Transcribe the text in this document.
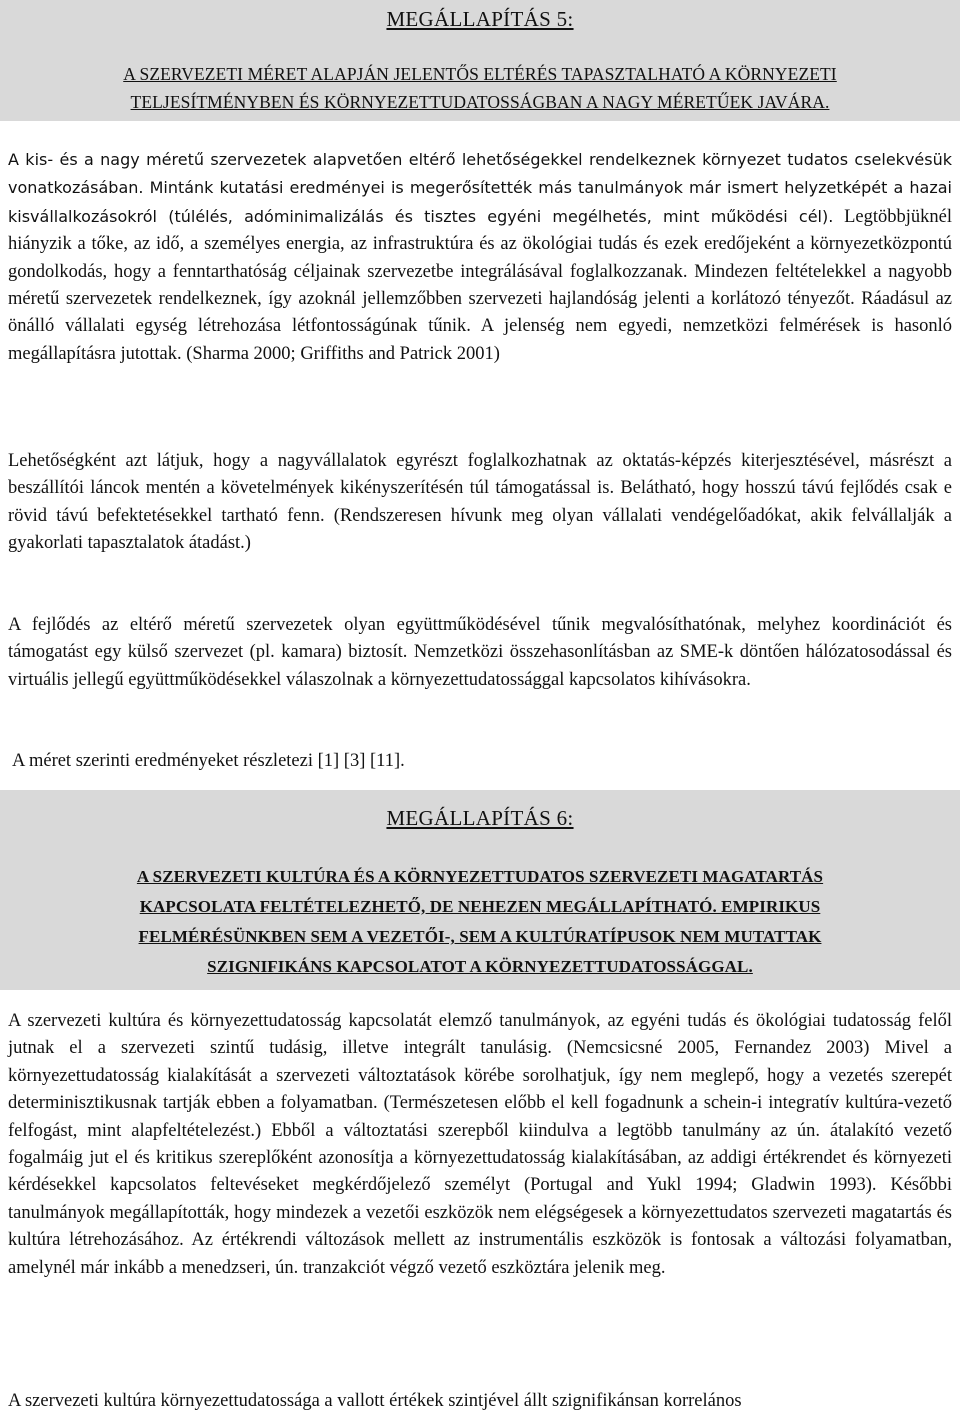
MEGÁLLAPÍTÁS 5:
A SZERVEZETI MÉRET ALAPJÁN JELENTŐS ELTÉRÉS TAPASZTALHATÓ A KÖRNYEZETI
TELJESÍTMÉNYBEN ÉS KÖRNYEZETTUDATOSSÁGBAN A NAGY MÉRETŰEK JAVÁRA.
A kis- és a nagy méretű szervezetek alapvetően eltérő lehetőségekkel rendelkeznek környezet tudatos cselekvésük vonatkozásában. Mintánk kutatási eredményei is megerősítették más tanulmányok már ismert helyzetképét a hazai kisvállalkozásokról (túlélés, adóminimalizálás és tisztes egyéni megélhetés, mint működési cél). Legtöbbjüknél hiányzik a tőke, az idő, a személyes energia, az infrastruktúra és az ökológiai tudás és ezek eredőjeként a környezetközpontú gondolkodás, hogy a fenntarthatóság céljainak szervezetbe integrálásával foglalkozzanak. Mindezen feltételekkel a nagyobb méretű szervezetek rendelkeznek, így azoknál jellemzőbben szervezeti hajlandóság jelenti a korlátozó tényezőt. Ráadásul az önálló vállalati egység létrehozása létfontosságúnak tűnik. A jelenség nem egyedi, nemzetközi felmérések is hasonló megállapításra jutottak. (Sharma 2000; Griffiths and Patrick 2001)
Lehetőségként azt látjuk, hogy a nagyvállalatok egyrészt foglalkozhatnak az oktatás-képzés kiterjesztésével, másrészt a beszállítói láncok mentén a követelmények kikényszerítésén túl támogatással is. Belátható, hogy hosszú távú fejlődés csak e rövid távú befektetésekkel tartható fenn. (Rendszeresen hívunk meg olyan vállalati vendégelőadókat, akik felvállalják a gyakorlati tapasztalatok átadást.)
A fejlődés az eltérő méretű szervezetek olyan együttműködésével tűnik megvalósíthatónak, melyhez koordinációt és támogatást egy külső szervezet (pl. kamara) biztosít. Nemzetközi összehasonlításban az SME-k döntően hálózatosodással és virtuális jellegű együttműködésekkel válaszolnak a környezettudatossággal kapcsolatos kihívásokra.
A méret szerinti eredményeket részletezi [1] [3] [11].
MEGÁLLAPÍTÁS 6:
A SZERVEZETI KULTÚRA ÉS A KÖRNYEZETTUDATOS SZERVEZETI MAGATARTÁS
KAPCSOLATA FELTÉTELEZHETŐ, DE NEHEZEN MEGÁLLAPÍTHATÓ. EMPIRIKUS
FELMÉRÉSÜNKBEN SEM A VEZETŐI-, SEM A KULTÚRATÍPUSOK NEM MUTATTAK
SZIGNIFIKÁNS KAPCSOLATOT A KÖRNYEZETTUDATOSSÁGGAL.
A szervezeti kultúra és környezettudatosság kapcsolatát elemző tanulmányok, az egyéni tudás és ökológiai tudatosság felől jutnak el a szervezeti szintű tudásig, illetve integrált tanulásig. (Nemcsicsné 2005, Fernandez 2003) Mivel a környezettudatosság kialakítását a szervezeti változtatások körébe sorolhatjuk, így nem meglepő, hogy a vezetés szerepét determinisztikusnak tartják ebben a folyamatban. (Természetesen előbb el kell fogadnunk a schein-i integratív kultúra-vezető felfogást, mint alapfeltételezést.) Ebből a változtatási szerepből kiindulva a legtöbb tanulmány az ún. átalakító vezető fogalmáig jut el és kritikus szereplőként azonosítja a környezettudatosság kialakításában, az addigi értékrendet és környezeti kérdésekkel kapcsolatos feltevéseket megkérdőjelező személyt (Portugal and Yukl 1994; Gladwin 1993). Későbbi tanulmányok megállapították, hogy mindezek a vezetői eszközök nem elégségesek a környezettudatos szervezeti magatartás és kultúra létrehozásához. Az értékrendi változások mellett az instrumentális eszközök is fontosak a változási folyamatban, amelynél már inkább a menedzseri, ún. tranzakciót végző vezető eszköztára jelenik meg.
A szervezeti kultúra környezettudatossága a vallott értékek szintjével állt szignifikánsan korrelános
